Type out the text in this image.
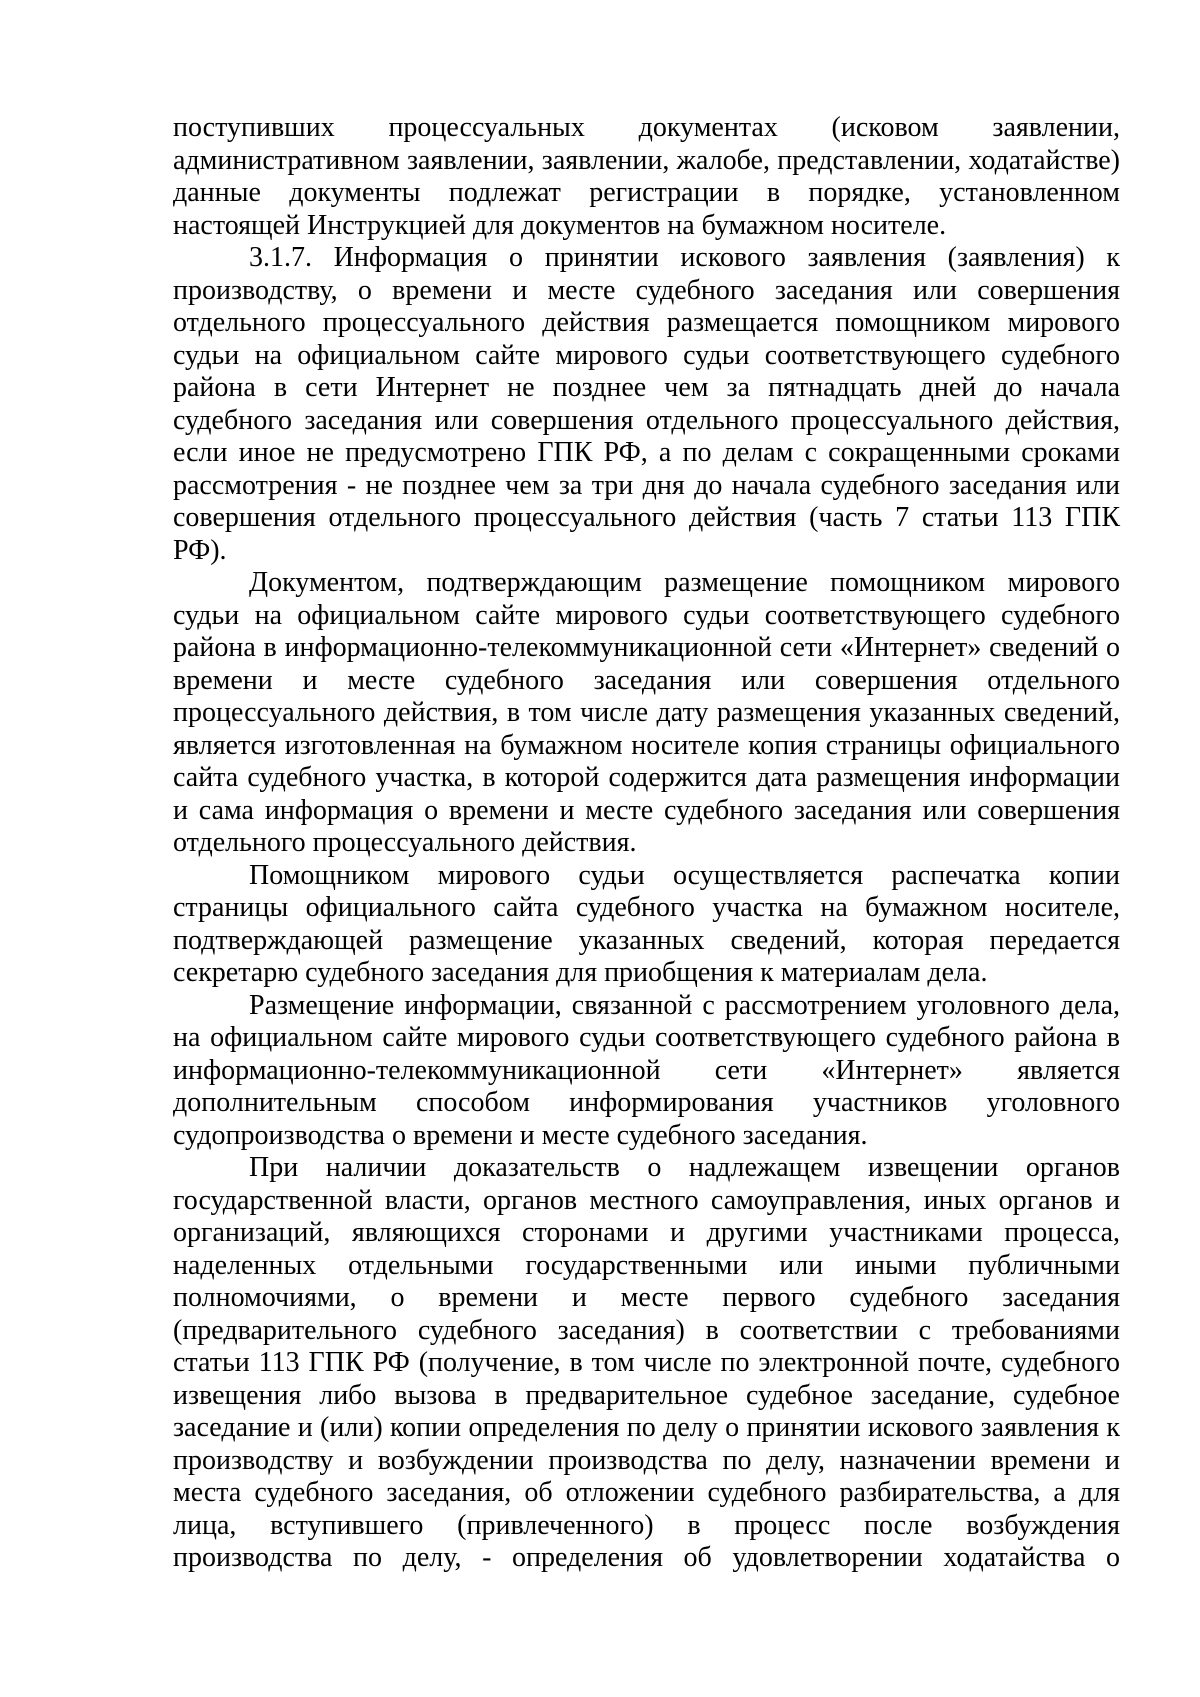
поступивших процессуальных документах (исковом заявлении, административном заявлении, заявлении, жалобе, представлении, ходатайстве) данные документы подлежат регистрации в порядке, установленном настоящей Инструкцией для документов на бумажном носителе.

3.1.7. Информация о принятии искового заявления (заявления) к производству, о времени и месте судебного заседания или совершения отдельного процессуального действия размещается помощником мирового судьи на официальном сайте мирового судьи соответствующего судебного района в сети Интернет не позднее чем за пятнадцать дней до начала судебного заседания или совершения отдельного процессуального действия, если иное не предусмотрено ГПК РФ, а по делам с сокращенными сроками рассмотрения - не позднее чем за три дня до начала судебного заседания или совершения отдельного процессуального действия (часть 7 статьи 113 ГПК РФ).

Документом, подтверждающим размещение помощником мирового судьи на официальном сайте мирового судьи соответствующего судебного района в информационно-телекоммуникационной сети «Интернет» сведений о времени и месте судебного заседания или совершения отдельного процессуального действия, в том числе дату размещения указанных сведений, является изготовленная на бумажном носителе копия страницы официального сайта судебного участка, в которой содержится дата размещения информации и сама информация о времени и месте судебного заседания или совершения отдельного процессуального действия.

Помощником мирового судьи осуществляется распечатка копии страницы официального сайта судебного участка на бумажном носителе, подтверждающей размещение указанных сведений, которая передается секретарю судебного заседания для приобщения к материалам дела.

Размещение информации, связанной с рассмотрением уголовного дела, на официальном сайте мирового судьи соответствующего судебного района в информационно-телекоммуникационной сети «Интернет» является дополнительным способом информирования участников уголовного судопроизводства о времени и месте судебного заседания.

При наличии доказательств о надлежащем извещении органов государственной власти, органов местного самоуправления, иных органов и организаций, являющихся сторонами и другими участниками процесса, наделенных отдельными государственными или иными публичными полномочиями, о времени и месте первого судебного заседания (предварительного судебного заседания) в соответствии с требованиями статьи 113 ГПК РФ (получение, в том числе по электронной почте, судебного извещения либо вызова в предварительное судебное заседание, судебное заседание и (или) копии определения по делу о принятии искового заявления к производству и возбуждении производства по делу, назначении времени и места судебного заседания, об отложении судебного разбирательства, а для лица, вступившего (привлеченного) в процесс после возбуждения производства по делу, - определения об удовлетворении ходатайства о
